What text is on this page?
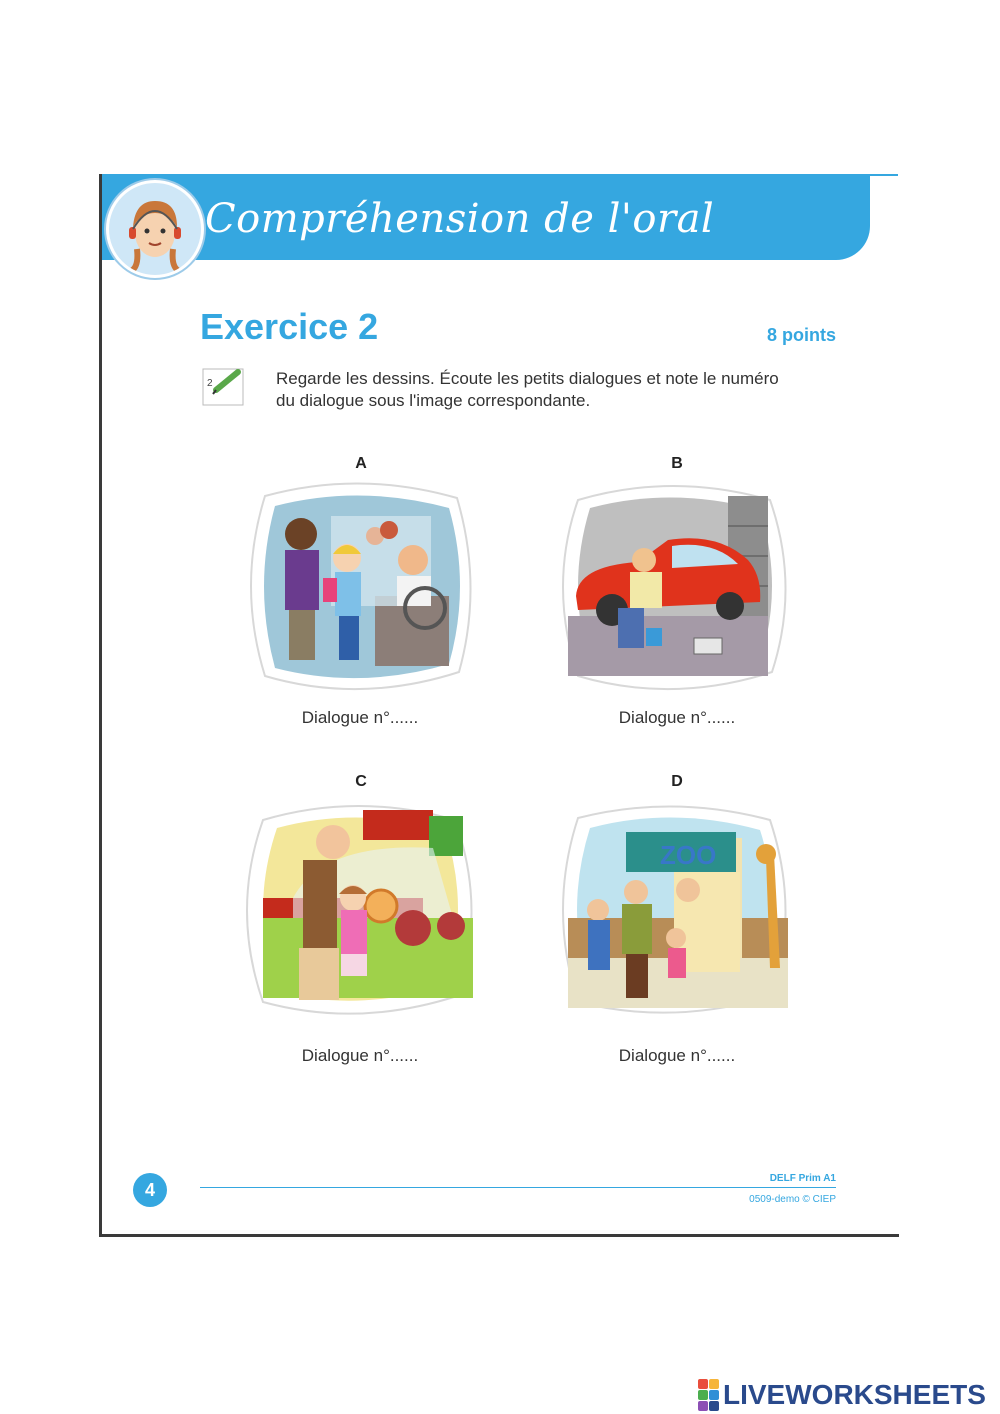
Compréhension de l'oral
Exercice 2	8 points
2	Regarde les dessins. Écoute les petits dialogues et note le numéro
du dialogue sous l'image correspondante.
A
Dialogue n°......
B
Dialogue n°......
C
Dialogue n°......
D
ZOO
Dialogue n°......
4
DELF Prim A1
0509-demo © CIEP
LIVEWORKSHEETS
